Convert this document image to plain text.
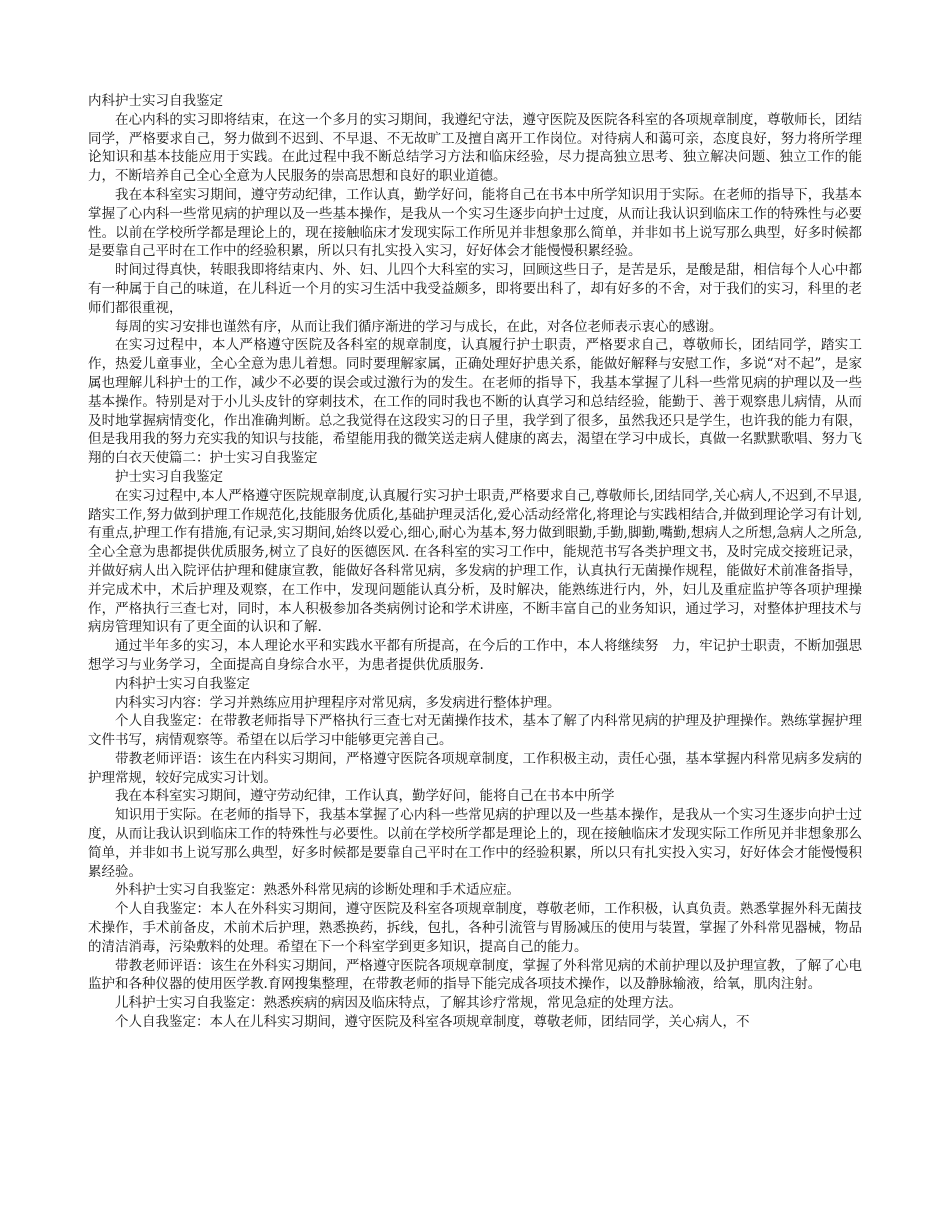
内科护士实习自我鉴定

在心内科的实习即将结束，在这一个多月的实习期间，我遵纪守法，遵守医院及医院各科室的各项规章制度，尊敬师长，团结同学，严格要求自己，努力做到不迟到、不早退、不无故旷工及擅自离开工作岗位。对待病人和蔼可亲，态度良好，努力将所学理论知识和基本技能应用于实践。在此过程中我不断总结学习方法和临床经验，尽力提高独立思考、独立解决问题、独立工作的能力，不断培养自己全心全意为人民服务的崇高思想和良好的职业道德。

我在本科室实习期间，遵守劳动纪律，工作认真，勤学好问，能将自己在书本中所学知识用于实际。在老师的指导下，我基本掌握了心内科一些常见病的护理以及一些基本操作，是我从一个实习生逐步向护士过度，从而让我认识到临床工作的特殊性与必要性。以前在学校所学都是理论上的，现在接触临床才发现实际工作所见并非想象那么简单，并非如书上说写那么典型，好多时候都是要靠自己平时在工作中的经验积累，所以只有扎实投入实习，好好体会才能慢慢积累经验。

时间过得真快，转眼我即将结束内、外、妇、儿四个大科室的实习，回顾这些日子，是苦是乐，是酸是甜，相信每个人心中都有一种属于自己的味道，在儿科近一个月的实习生活中我受益颇多，即将要出科了，却有好多的不舍，对于我们的实习，科里的老师们都很重视，

每周的实习安排也谨然有序，从而让我们循序渐进的学习与成长，在此，对各位老师表示衷心的感谢。

在实习过程中，本人严格遵守医院及各科室的规章制度，认真履行护士职责，严格要求自己，尊敬师长，团结同学，踏实工作，热爱儿童事业，全心全意为患儿着想。同时要理解家属，正确处理好护患关系，能做好解释与安慰工作，多说“对不起”，是家属也理解儿科护士的工作，减少不必要的误会或过激行为的发生。在老师的指导下，我基本掌握了儿科一些常见病的护理以及一些基本操作。特别是对于小儿头皮针的穿刺技术，在工作的同时我也不断的认真学习和总结经验，能勤于、善于观察患儿病情，从而及时地掌握病情变化，作出准确判断。总之我觉得在这段实习的日子里，我学到了很多，虽然我还只是学生，也许我的能力有限，但是我用我的努力充实我的知识与技能，希望能用我的微笑送走病人健康的离去，渴望在学习中成长，真做一名默默歌唱、努力飞翔的白衣天使篇二：护士实习自我鉴定

护士实习自我鉴定

在实习过程中,本人严格遵守医院规章制度,认真履行实习护士职责,严格要求自己,尊敬师长,团结同学,关心病人,不迟到,不早退,踏实工作,努力做到护理工作规范化,技能服务优质化,基础护理灵活化,爱心活动经常化,将理论与实践相结合,并做到理论学习有计划,有重点,护理工作有措施,有记录,实习期间,始终以爱心,细心,耐心为基本,努力做到眼勤,手勤,脚勤,嘴勤,想病人之所想,急病人之所急,全心全意为患都提供优质服务,树立了良好的医德医风. 在各科室的实习工作中，能规范书写各类护理文书，及时完成交接班记录，并做好病人出入院评估护理和健康宣教，能做好各科常见病，多发病的护理工作，认真执行无菌操作规程，能做好术前准备指导，并完成术中，术后护理及观察，在工作中，发现问题能认真分析，及时解决，能熟练进行内，外，妇儿及重症监护等各项护理操作，严格执行三查七对，同时，本人积极参加各类病例讨论和学术讲座，不断丰富自己的业务知识，通过学习，对整体护理技术与病房管理知识有了更全面的认识和了解.

通过半年多的实习，本人理论水平和实践水平都有所提高，在今后的工作中，本人将继续努　力，牢记护士职责，不断加强思想学习与业务学习，全面提高自身综合水平，为患者提供优质服务.

内科护士实习自我鉴定

内科实习内容：学习并熟练应用护理程序对常见病，多发病进行整体护理。

个人自我鉴定：在带教老师指导下严格执行三查七对无菌操作技术，基本了解了内科常见病的护理及护理操作。熟练掌握护理文件书写，病情观察等。希望在以后学习中能够更完善自己。

带教老师评语：该生在内科实习期间，严格遵守医院各项规章制度，工作积极主动，责任心强，基本掌握内科常见病多发病的护理常规，较好完成实习计划。

我在本科室实习期间，遵守劳动纪律，工作认真，勤学好问，能将自己在书本中所学

知识用于实际。在老师的指导下，我基本掌握了心内科一些常见病的护理以及一些基本操作，是我从一个实习生逐步向护士过度，从而让我认识到临床工作的特殊性与必要性。以前在学校所学都是理论上的，现在接触临床才发现实际工作所见并非想象那么简单，并非如书上说写那么典型，好多时候都是要靠自己平时在工作中的经验积累，所以只有扎实投入实习，好好体会才能慢慢积累经验。

外科护士实习自我鉴定：熟悉外科常见病的诊断处理和手术适应症。

个人自我鉴定：本人在外科实习期间，遵守医院及科室各项规章制度，尊敬老师，工作积极，认真负责。熟悉掌握外科无菌技术操作，手术前备皮，术前术后护理，熟悉换药，拆线，包扎，各种引流管与胃肠减压的使用与装置，掌握了外科常见器械，物品的清洁消毒，污染敷料的处理。希望在下一个科室学到更多知识，提高自己的能力。

带教老师评语：该生在外科实习期间，严格遵守医院各项规章制度，掌握了外科常见病的术前护理以及护理宣教，了解了心电监护和各种仪器的使用医学教.育网搜集整理，在带教老师的指导下能完成各项技术操作，以及静脉输液，给氧，肌肉注射。

儿科护士实习自我鉴定：熟悉疾病的病因及临床特点，了解其诊疗常规，常见急症的处理方法。

个人自我鉴定：本人在儿科实习期间，遵守医院及科室各项规章制度，尊敬老师，团结同学，关心病人，不
